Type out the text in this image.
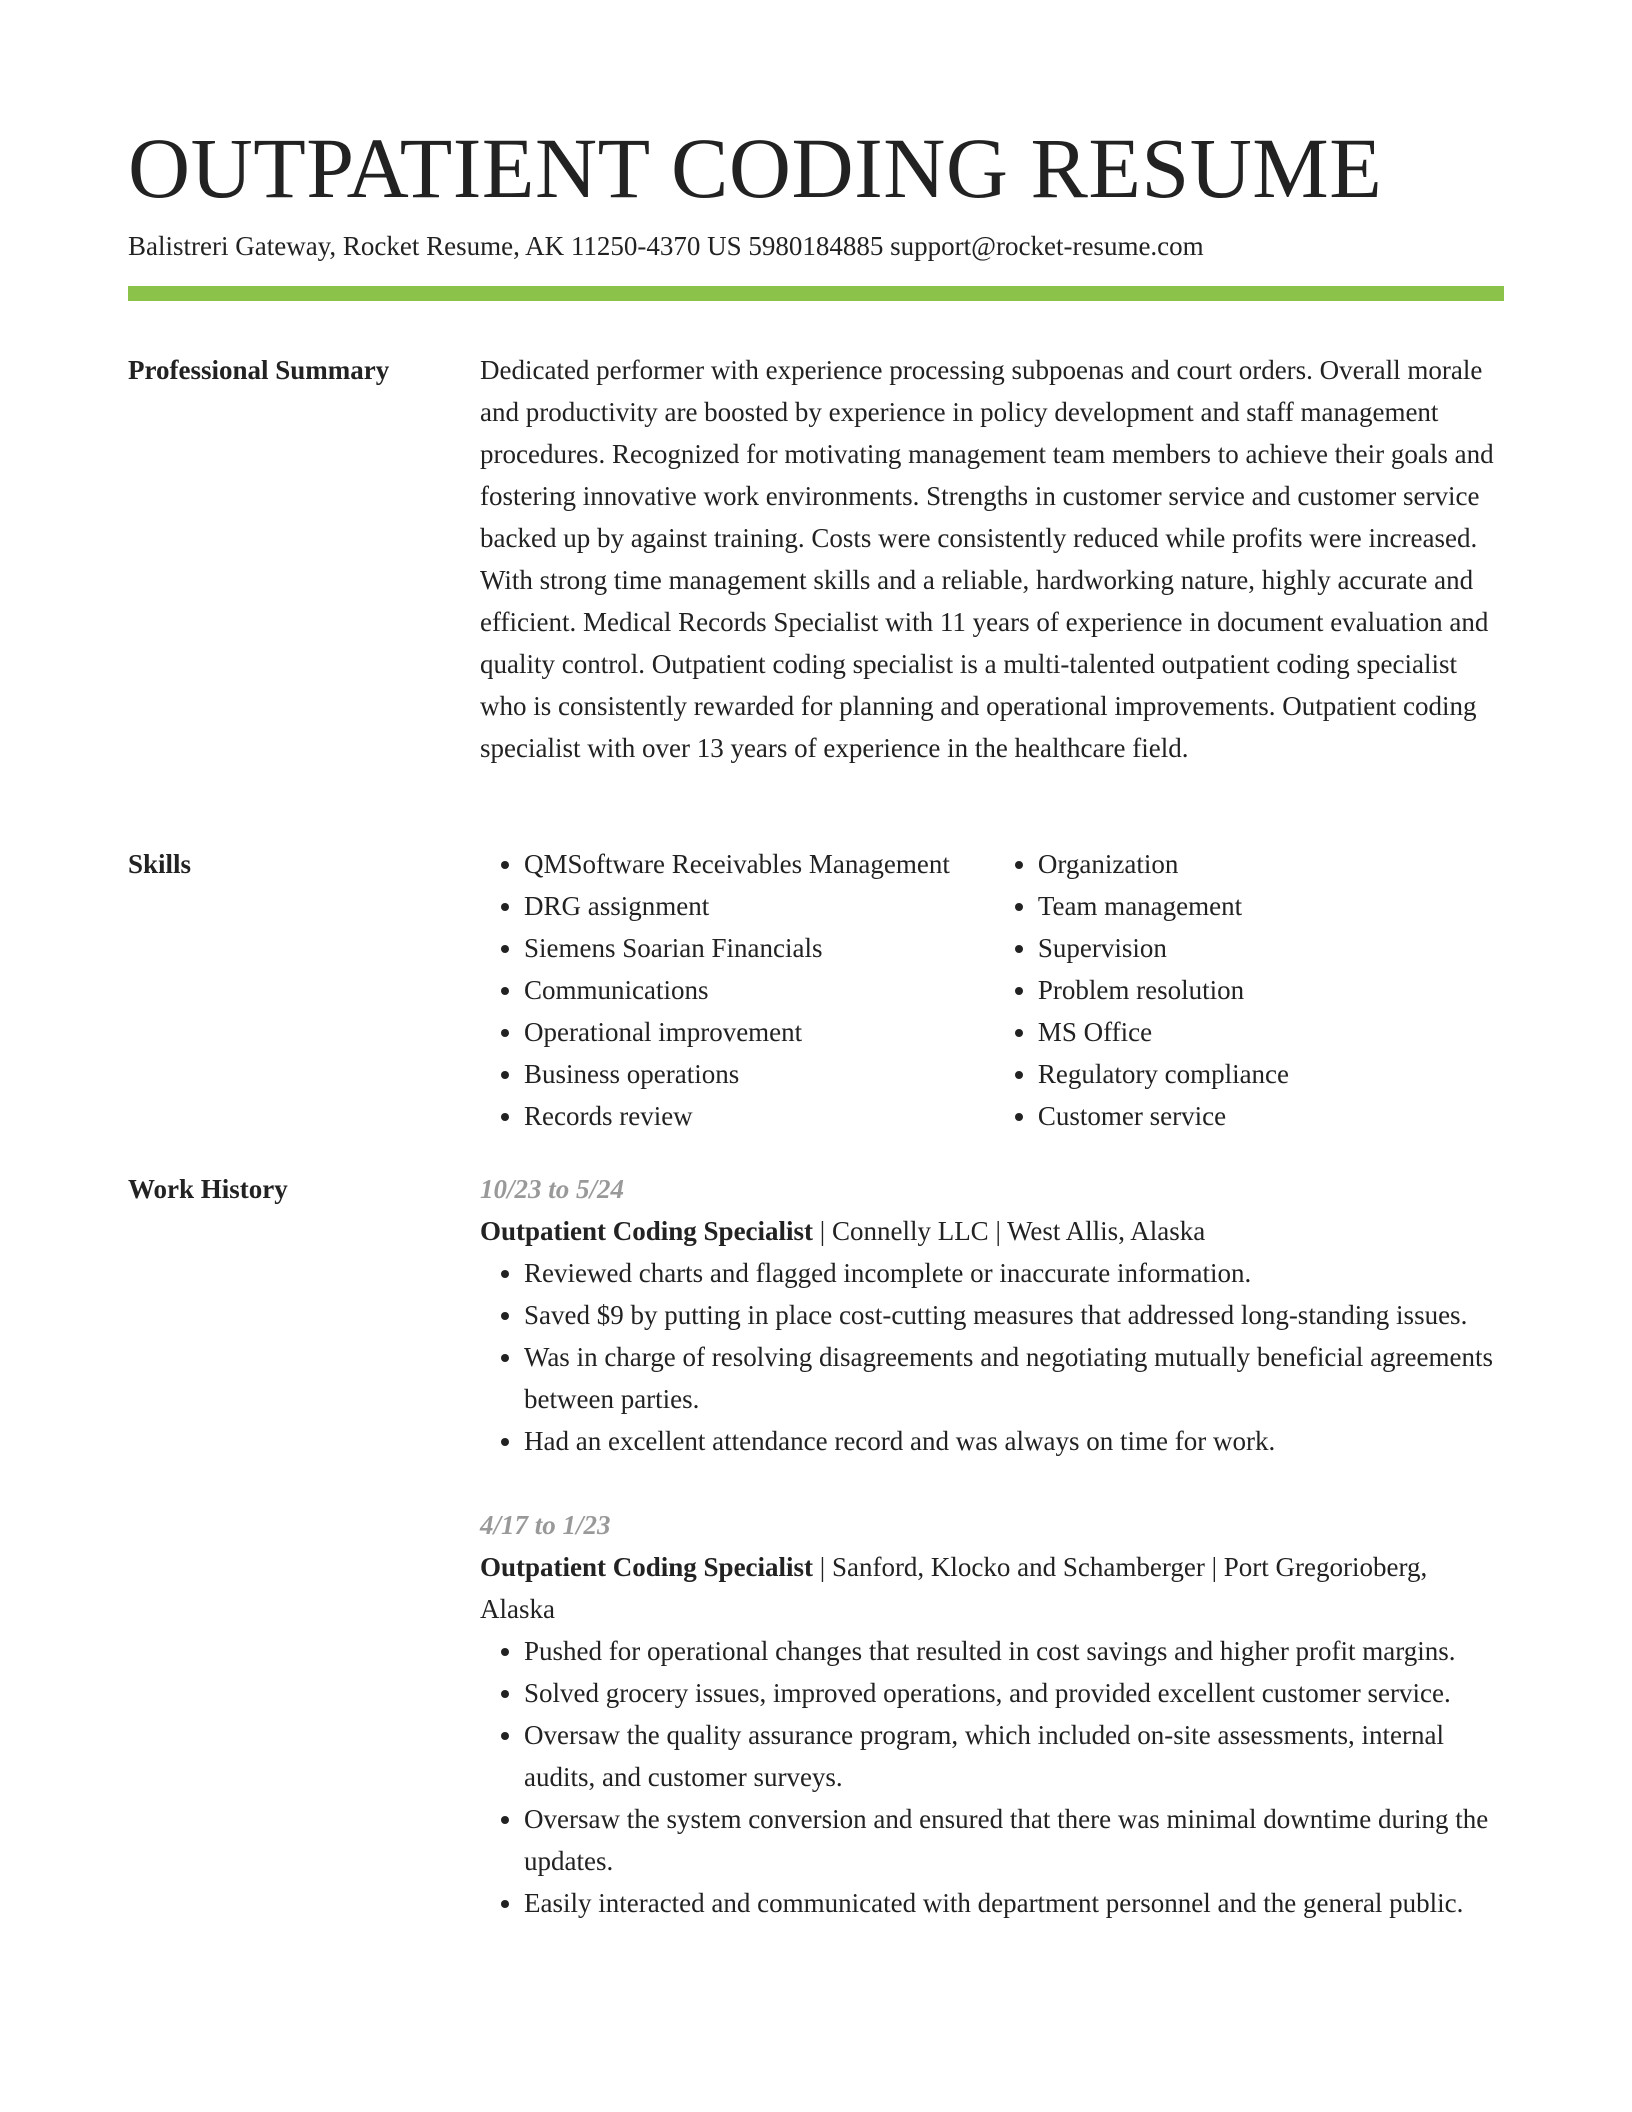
OUTPATIENT CODING RESUME
Balistreri Gateway, Rocket Resume, AK 11250-4370 US 5980184885 support@rocket-resume.com
Professional Summary	Dedicated performer with experience processing subpoenas and court orders. Overall morale and productivity are boosted by experience in policy development and staff management procedures. Recognized for motivating management team members to achieve their goals and fostering innovative work environments. Strengths in customer service and customer service backed up by against training. Costs were consistently reduced while profits were increased. With strong time management skills and a reliable, hardworking nature, highly accurate and efficient. Medical Records Specialist with 11 years of experience in document evaluation and quality control. Outpatient coding specialist is a multi-talented outpatient coding specialist who is consistently rewarded for planning and operational improvements. Outpatient coding specialist with over 13 years of experience in the healthcare field.

Skills
•	QMSoftware Receivables Management
• DRG assignment
• Siemens Soarian Financials
• Communications
• Operational improvement
• Business operations
• Records review
• Organization
• Team management
• Supervision
• Problem resolution
• MS Office
• Regulatory compliance
• Customer service
Work History	10/23 to 5/24

Outpatient Coding Specialist | Connelly LLC | West Allis, Alaska

• Reviewed charts and flagged incomplete or inaccurate information.
• Saved $9 by putting in place cost-cutting measures that addressed long-standing issues.
• Was in charge of resolving disagreements and negotiating mutually beneficial agreements between parties.
• Had an excellent attendance record and was always on time for work.
4/17 to 1/23

Outpatient Coding Specialist | Sanford, Klocko and Schamberger | Port Gregorioberg, Alaska

• Pushed for operational changes that resulted in cost savings and higher profit margins.
• Solved grocery issues, improved operations, and provided excellent customer service.
• Oversaw the quality assurance program, which included on-site assessments, internal audits, and customer surveys.
• Oversaw the system conversion and ensured that there was minimal downtime during the updates.
• Easily interacted and communicated with department personnel and the general public.
